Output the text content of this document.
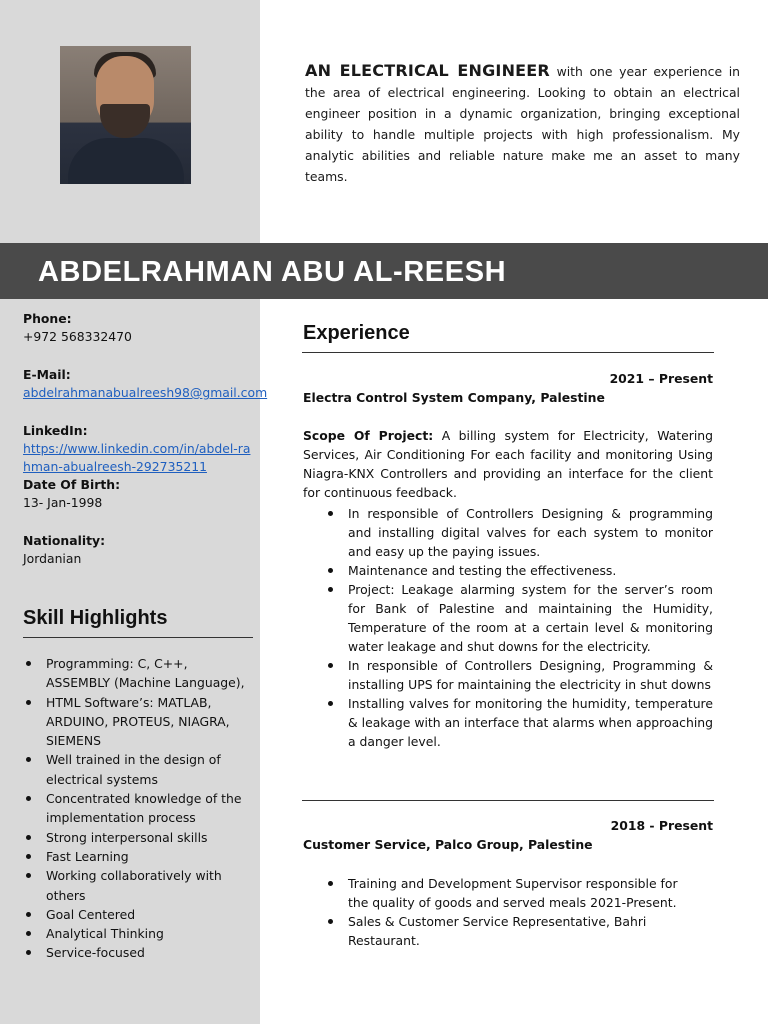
AN ELECTRICAL ENGINEER with one year experience in the area of electrical engineering. Looking to obtain an electrical engineer position in a dynamic organization, bringing exceptional ability to handle multiple projects with high professionalism. My analytic abilities and reliable nature make me an asset to many teams.
ABDELRAHMAN ABU AL-REESH
Phone:
+972 568332470
E-Mail:
abdelrahmanabualreesh98@gmail.com
LinkedIn:
https://www.linkedin.com/in/abdel-rahman-abualreesh-292735211
Date Of Birth:
13- Jan-1998
Nationality:
Jordanian
Skill Highlights
Programming: C, C++, ASSEMBLY (Machine Language),
HTML Software’s: MATLAB, ARDUINO, PROTEUS, NIAGRA, SIEMENS
Well trained in the design of electrical systems
Concentrated knowledge of the implementation process
Strong interpersonal skills
Fast Learning
Working collaboratively with others
Goal Centered
Analytical Thinking
Service-focused
Experience
2021 – Present
Electra Control System Company, Palestine
Scope Of Project: A billing system for Electricity, Watering Services, Air Conditioning For each facility and monitoring Using Niagra-KNX Controllers and providing an interface for the client for continuous feedback.
In responsible of Controllers Designing & programming and installing digital valves for each system to monitor and easy up the paying issues.
Maintenance and testing the effectiveness.
Project: Leakage alarming system for the server’s room for Bank of Palestine and maintaining the Humidity, Temperature of the room at a certain level & monitoring water leakage and shut downs for the electricity.
In responsible of Controllers Designing, Programming & installing UPS for maintaining the electricity in shut downs
Installing valves for monitoring the humidity, temperature & leakage with an interface that alarms when approaching a danger level.
2018 - Present
Customer Service, Palco Group, Palestine
Training and Development Supervisor responsible for the quality of goods and served meals 2021-Present.
Sales & Customer Service Representative, Bahri Restaurant.
